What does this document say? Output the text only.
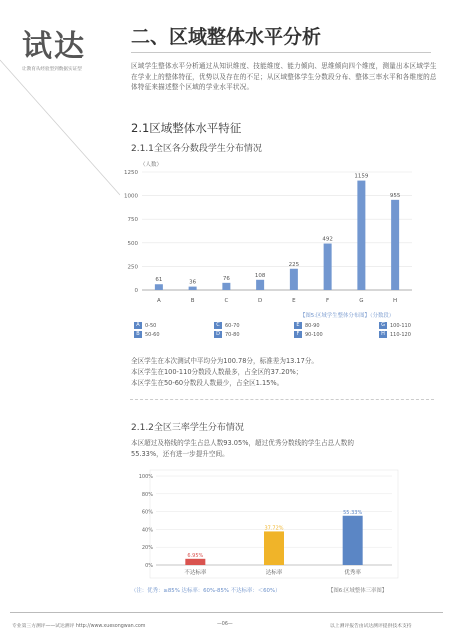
试达
让教育从经验型到数据实证型
二、区域整体水平分析
区域学生整体水平分析通过从知识维度、技能维度、能力倾向、思维倾向四个维度，测量出本区域学生在学业上的整体特征，优势以及存在的不足；从区域整体学生分数段分布、整体三率水平和各维度的总体特征来描述整个区域的学业水平状况。
2.1区域整体水平特征
2.1.1全区各分数段学生分布情况
（人数）
0
250
500
750
1000
1250
61
A
36
B
76
C
108
D
225
E
492
F
1159
G
955
H
【图5:区域学生整体分布图】（分数段）
A 0-50
B 50-60
C 60-70
D 70-80
E 80-90
F 90-100
G 100-110
H 110-120
全区学生在本次测试中平均分为100.78分，标准差为13.17分。
本区学生在100-110分数段人数最多，占全区的37.20%；
本区学生在50-60分数段人数最少，占全区1.15%。
2.1.2全区三率学生分布情况
本区超过及格线的学生占总人数93.05%，超过优秀分数线的学生占总人数的
55.33%，还有进一步提升空间。
0%
20%
40%
60%
80%
100%
6.95%
不达标率
37.72%
达标率
55.33%
优秀率
（注：优秀：≥85% 达标率：60%-85% 不达标率：＜60%）	【图6:区域整体三率图】
专业第三方测评——试达测评 http://www.xuesongwan.com	—06—	以上测评报告由试达测评提供技术支持
